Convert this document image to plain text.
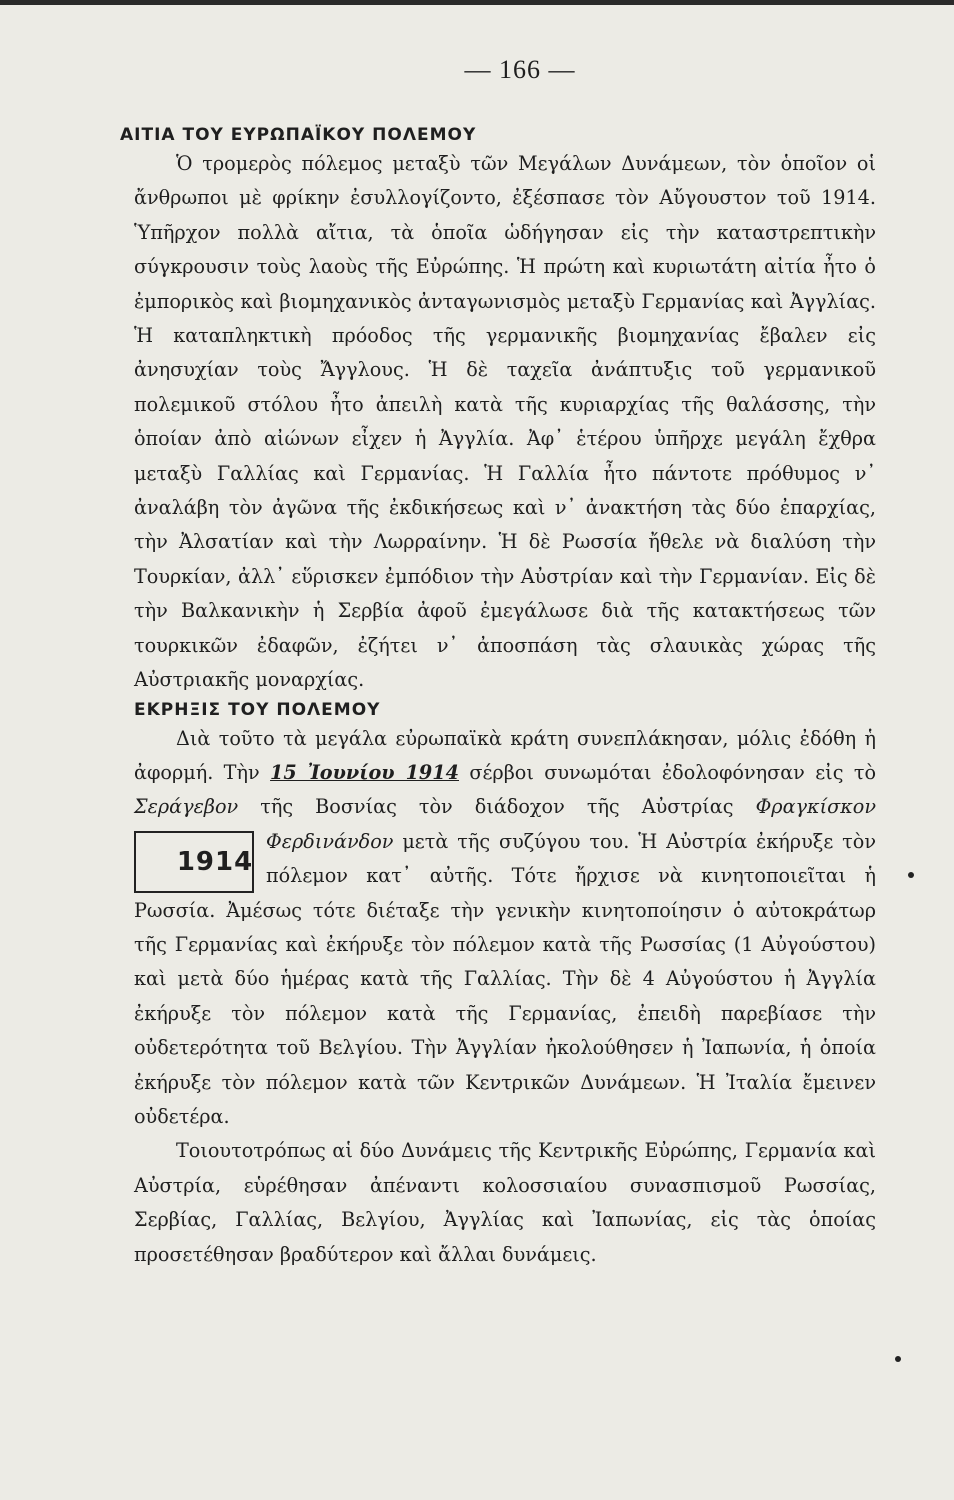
— 166 —
ΑΙΤΙΑ ΤΟΥ ΕΥΡΩΠΑΪΚΟΥ ΠΟΛΕΜΟΥ

Ὁ τρομερὸς πόλεμος μεταξὺ τῶν Μεγάλων Δυνάμεων, τὸν ὁποῖον οἱ ἄνθρωποι μὲ φρίκην ἐσυλλογίζοντο, ἐξέσπασε τὸν Αὔγουστον τοῦ 1914. Ὑπῆρχον πολλὰ αἴτια, τὰ ὁποῖα ὡδήγησαν εἰς τὴν καταστρεπτικὴν σύγκρουσιν τοὺς λαοὺς τῆς Εὐρώπης. Ἡ πρώτη καὶ κυριωτάτη αἰτία ἦτο ὁ ἐμπορικὸς καὶ βιομηχανικὸς ἀνταγωνισμὸς μεταξὺ Γερμανίας καὶ Ἀγγλίας. Ἡ καταπληκτικὴ πρόοδος τῆς γερμανικῆς βιομηχανίας ἔβαλεν εἰς ἀνησυχίαν τοὺς Ἄγγλους. Ἡ δὲ ταχεῖα ἀνάπτυξις τοῦ γερμανικοῦ πολεμικοῦ στόλου ἦτο ἀπειλὴ κατὰ τῆς κυριαρχίας τῆς θαλάσσης, τὴν ὁποίαν ἀπὸ αἰώνων εἶχεν ἡ Ἀγγλία. Ἀφ᾿ ἑτέρου ὑπῆρχε μεγάλη ἔχθρα μεταξὺ Γαλλίας καὶ Γερμανίας. Ἡ Γαλλία ἦτο πάντοτε πρόθυμος ν᾿ ἀναλάβη τὸν ἀγῶνα τῆς ἐκδικήσεως καὶ ν᾿ ἀνακτήση τὰς δύο ἐπαρχίας, τὴν Ἀλσατίαν καὶ τὴν Λωρραίνην. Ἡ δὲ Ρωσσία ἤθελε νὰ διαλύση τὴν Τουρκίαν, ἀλλ᾿ εὕρισκεν ἐμπόδιον τὴν Αὐστρίαν καὶ τὴν Γερμανίαν. Εἰς δὲ τὴν Βαλκανικὴν ἡ Σερβία ἀφοῦ ἐμεγάλωσε διὰ τῆς κατακτήσεως τῶν τουρκικῶν ἐδαφῶν, ἐζήτει ν᾿ ἀποσπάση τὰς σλαυικὰς χώρας τῆς Αὐστριακῆς μοναρχίας.

ΕΚΡΗΞΙΣ ΤΟΥ ΠΟΛΕΜΟΥ

Διὰ τοῦτο τὰ μεγάλα εὐρωπαϊκὰ κράτη συνεπλάκησαν, μόλις ἐδόθη ἡ ἀφορμή. Τὴν 15 Ἰουνίου 1914 σέρβοι συνωμόται ἐδολοφόνησαν εἰς τὸ Σεράγεβον τῆς Βοσνίας τὸν διάδοχον τῆς Αὐστρίας Φραγκίσκον Φερδινάνδον
1914
μετὰ τῆς συζύγου του. Ἡ Αὐστρία ἐκήρυξε τὸν πόλεμον κατ᾿ αὐτῆς. Τότε ἤρχισε νὰ κινητοποιεῖται ἡ Ρωσσία. Ἀμέσως τότε διέταξε τὴν γενικὴν κινητοποίησιν ὁ αὐτοκράτωρ τῆς Γερμανίας καὶ ἐκήρυξε τὸν πόλεμον κατὰ τῆς Ρωσσίας (1 Αὐγούστου) καὶ μετὰ δύο ἡμέρας κατὰ τῆς Γαλλίας. Τὴν δὲ 4 Αὐγούστου ἡ Ἀγγλία ἐκήρυξε τὸν πόλεμον κατὰ τῆς Γερμανίας, ἐπειδὴ παρεβίασε τὴν οὐδετερότητα τοῦ Βελγίου. Τὴν Ἀγγλίαν ἠκολούθησεν ἡ Ἰαπωνία, ἡ ὁποία ἐκήρυξε τὸν πόλεμον κατὰ τῶν Κεντρικῶν Δυνάμεων. Ἡ Ἰταλία ἔμεινεν οὐδετέρα.

Τοιουτοτρόπως αἱ δύο Δυνάμεις τῆς Κεντρικῆς Εὐρώπης, Γερμανία καὶ Αὐστρία, εὑρέθησαν ἀπέναντι κολοσσιαίου συνασπισμοῦ Ρωσσίας, Σερβίας, Γαλλίας, Βελγίου, Ἀγγλίας καὶ Ἰαπωνίας, εἰς τὰς ὁποίας προσετέθησαν βραδύτερον καὶ ἄλλαι δυνάμεις.
